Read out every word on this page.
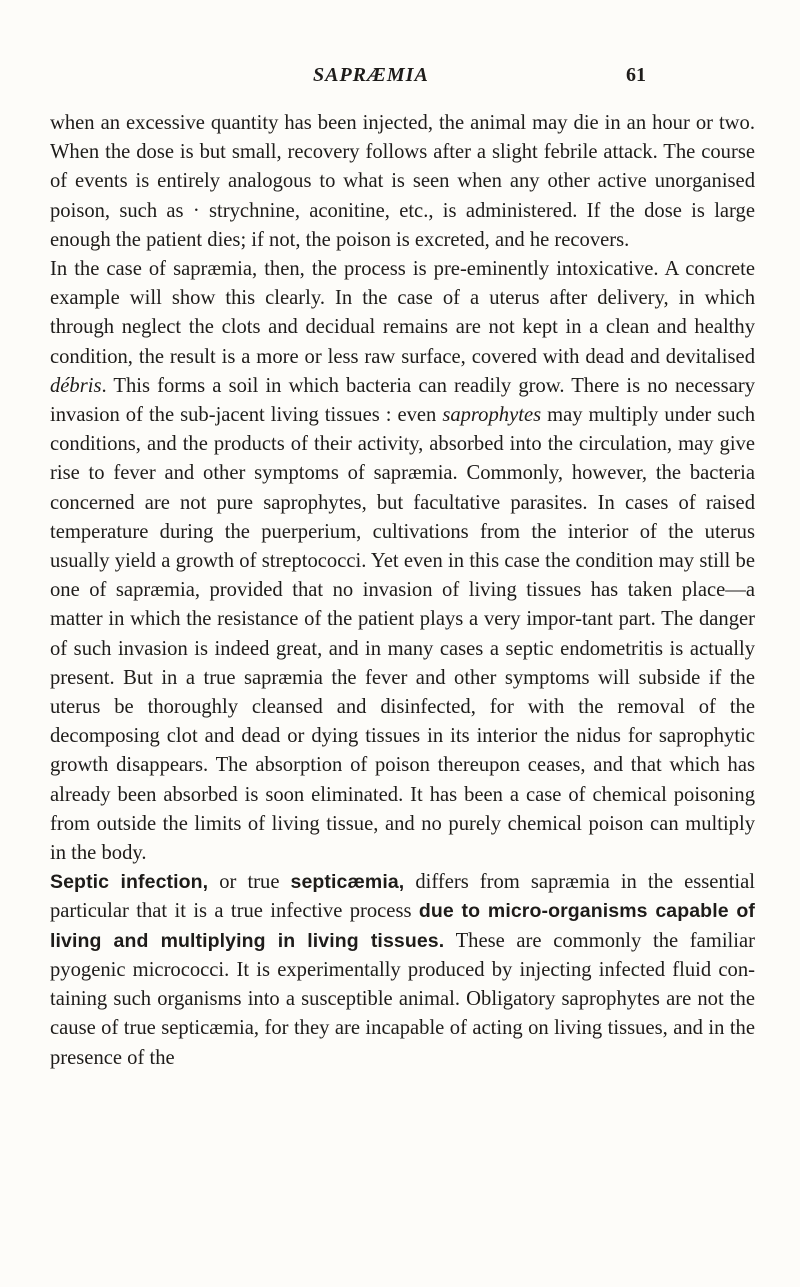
SAPRÆMIA	61

when an excessive quantity has been injected, the animal may die in an hour or two. When the dose is but small, recovery follows after a slight febrile attack. The course of events is entirely analogous to what is seen when any other active unorganised poison, such as · strychnine, aconitine, etc., is administered. If the dose is large enough the patient dies; if not, the poison is excreted, and he recovers.

In the case of sapræmia, then, the process is pre-eminently intoxicative. A concrete example will show this clearly. In the case of a uterus after delivery, in which through neglect the clots and decidual remains are not kept in a clean and healthy condition, the result is a more or less raw surface, covered with dead and devitalised débris. This forms a soil in which bacteria can readily grow. There is no necessary invasion of the sub-jacent living tissues : even saprophytes may multiply under such conditions, and the products of their activity, absorbed into the circulation, may give rise to fever and other symptoms of sapræmia. Commonly, however, the bacteria concerned are not pure saprophytes, but facultative parasites. In cases of raised temperature during the puerperium, cultivations from the interior of the uterus usually yield a growth of streptococci. Yet even in this case the condition may still be one of sapræmia, provided that no invasion of living tissues has taken place—a matter in which the resistance of the patient plays a very impor-tant part. The danger of such invasion is indeed great, and in many cases a septic endometritis is actually present. But in a true sapræmia the fever and other symptoms will subside if the uterus be thoroughly cleansed and disinfected, for with the removal of the decomposing clot and dead or dying tissues in its interior the nidus for saprophytic growth disappears. The absorption of poison thereupon ceases, and that which has already been absorbed is soon eliminated. It has been a case of chemical poisoning from outside the limits of living tissue, and no purely chemical poison can multiply in the body.

Septic infection, or true septicæmia, differs from sapræmia in the essential particular that it is a true infective process due to micro-organisms capable of living and multiplying in living tissues. These are commonly the familiar pyogenic micrococci. It is experimentally produced by injecting infected fluid con-taining such organisms into a susceptible animal. Obligatory saprophytes are not the cause of true septicæmia, for they are incapable of acting on living tissues, and in the presence of the
